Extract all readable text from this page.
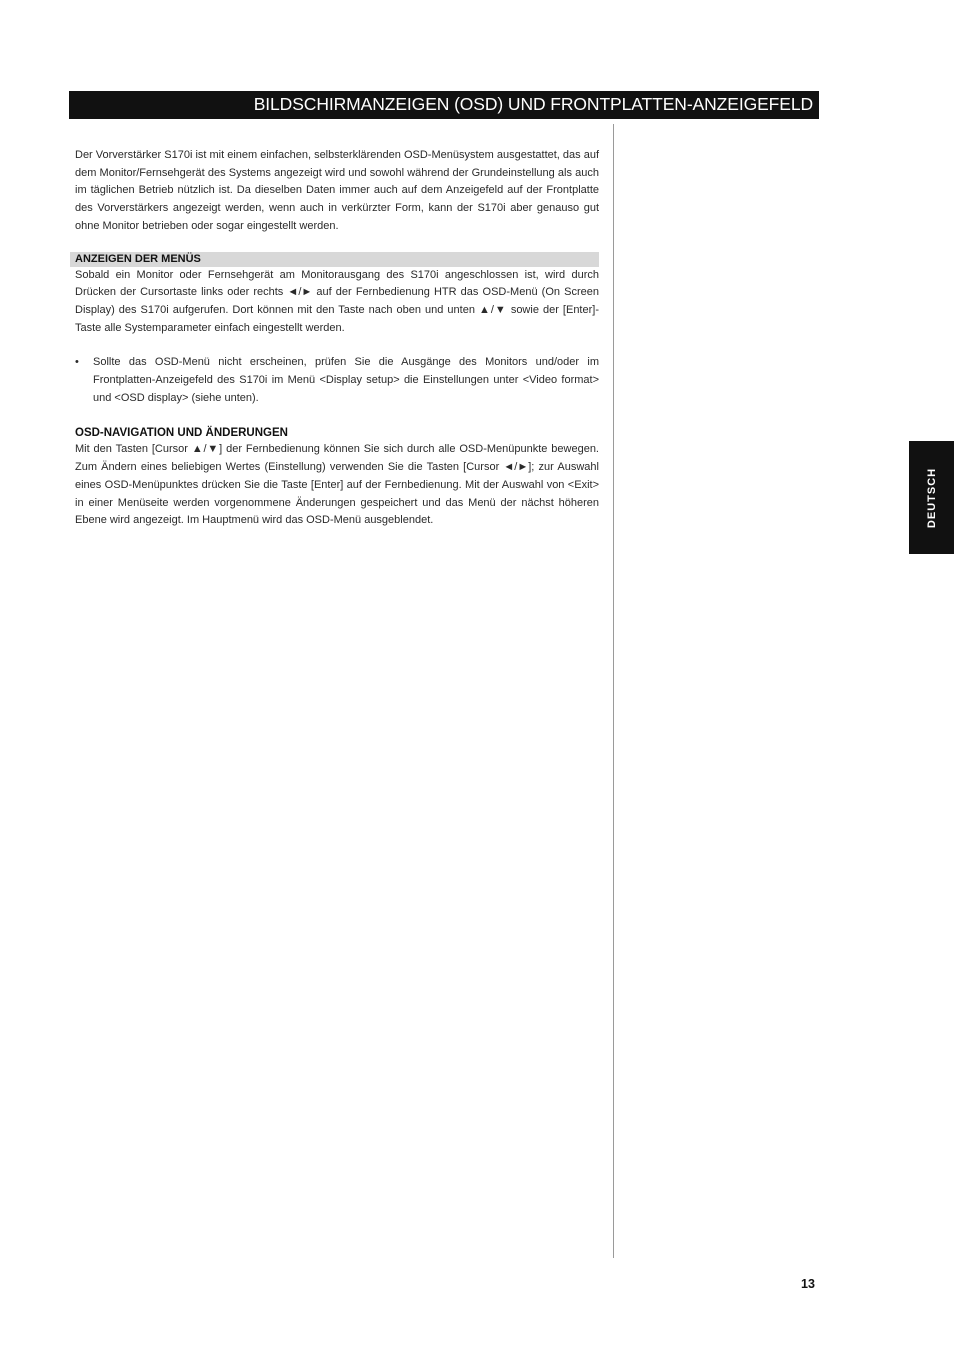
BILDSCHIRMANZEIGEN (OSD) UND FRONTPLATTEN-ANZEIGEFELD

Der Vorverstärker S170i ist mit einem einfachen, selbsterklärenden OSD-Menüsystem ausgestattet, das auf dem Monitor/Fernsehgerät des Systems angezeigt wird und sowohl während der Grundeinstellung als auch im täglichen Betrieb nützlich ist. Da dieselben Daten immer auch auf dem Anzeigefeld auf der Frontplatte des Vorverstärkers angezeigt werden, wenn auch in verkürzter Form, kann der S170i aber genauso gut ohne Monitor betrieben oder sogar eingestellt werden.

ANZEIGEN DER MENÜS

Sobald ein Monitor oder Fernsehgerät am Monitorausgang des S170i angeschlossen ist, wird durch Drücken der Cursortaste links oder rechts ◄/► auf der Fernbedienung HTR das OSD-Menü (On Screen Display) des S170i aufgerufen. Dort können mit den Taste nach oben und unten ▲/▼ sowie der [Enter]-Taste alle Systemparameter einfach eingestellt werden.

•	Sollte das OSD-Menü nicht erscheinen, prüfen Sie die Ausgänge des Monitors und/oder im Frontplatten-Anzeigefeld des S170i im Menü <Display setup> die Einstellungen unter <Video format> und <OSD display> (siehe unten).

OSD-NAVIGATION UND ÄNDERUNGEN

Mit den Tasten [Cursor ▲/▼] der Fernbedienung können Sie sich durch alle OSD-Menüpunkte bewegen. Zum Ändern eines beliebigen Wertes (Einstellung) verwenden Sie die Tasten [Cursor ◄/►]; zur Auswahl eines OSD-Menüpunktes drücken Sie die Taste [Enter] auf der Fernbedienung. Mit der Auswahl von <Exit> in einer Menüseite werden vorgenommene Änderungen gespeichert und das Menü der nächst höheren Ebene wird angezeigt. Im Hauptmenü wird das OSD-Menü ausgeblendet.	DEUTSCH
13
